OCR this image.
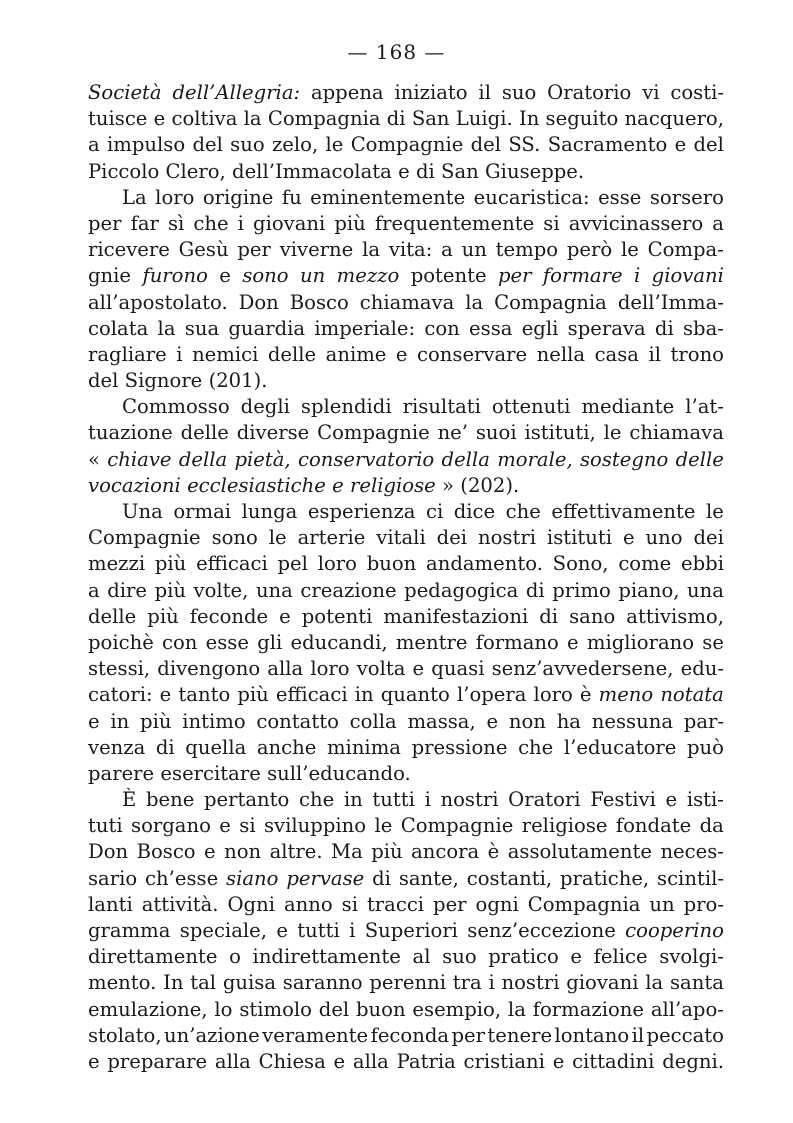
— 168 —
Società dell’Allegria: appena iniziato il suo Oratorio vi costi-
tuisce e coltiva la Compagnia di San Luigi. In seguito nacquero,
a impulso del suo zelo, le Compagnie del SS. Sacramento e del
Piccolo Clero, dell’Immacolata e di San Giuseppe.
La loro origine fu eminentemente eucaristica: esse sorsero
per far sì che i giovani più frequentemente si avvicinassero a
ricevere Gesù per viverne la vita: a un tempo però le Compa-
gnie furono e sono un mezzo potente per formare i giovani
all’apostolato. Don Bosco chiamava la Compagnia dell’Imma-
colata la sua guardia imperiale: con essa egli sperava di sba-
ragliare i nemici delle anime e conservare nella casa il trono
del Signore (201).
Commosso degli splendidi risultati ottenuti mediante l’at-
tuazione delle diverse Compagnie ne’ suoi istituti, le chiamava
« chiave della pietà, conservatorio della morale, sostegno delle
vocazioni ecclesiastiche e religiose » (202).
Una ormai lunga esperienza ci dice che effettivamente le
Compagnie sono le arterie vitali dei nostri istituti e uno dei
mezzi più efficaci pel loro buon andamento. Sono, come ebbi
a dire più volte, una creazione pedagogica di primo piano, una
delle più feconde e potenti manifestazioni di sano attivismo,
poichè con esse gli educandi, mentre formano e migliorano se
stessi, divengono alla loro volta e quasi senz’avvedersene, edu-
catori: e tanto più efficaci in quanto l’opera loro è meno notata
e in più intimo contatto colla massa, e non ha nessuna par-
venza di quella anche minima pressione che l’educatore può
parere esercitare sull’educando.
È bene pertanto che in tutti i nostri Oratori Festivi e isti-
tuti sorgano e si sviluppino le Compagnie religiose fondate da
Don Bosco e non altre. Ma più ancora è assolutamente neces-
sario ch’esse siano pervase di sante, costanti, pratiche, scintil-
lanti attività. Ogni anno si tracci per ogni Compagnia un pro-
gramma speciale, e tutti i Superiori senz’eccezione cooperino
direttamente o indirettamente al suo pratico e felice svolgi-
mento. In tal guisa saranno perenni tra i nostri giovani la santa
emulazione, lo stimolo del buon esempio, la formazione all’apo-
stolato, un’azione veramente feconda per tenere lontano il peccato
e preparare alla Chiesa e alla Patria cristiani e cittadini degni.
